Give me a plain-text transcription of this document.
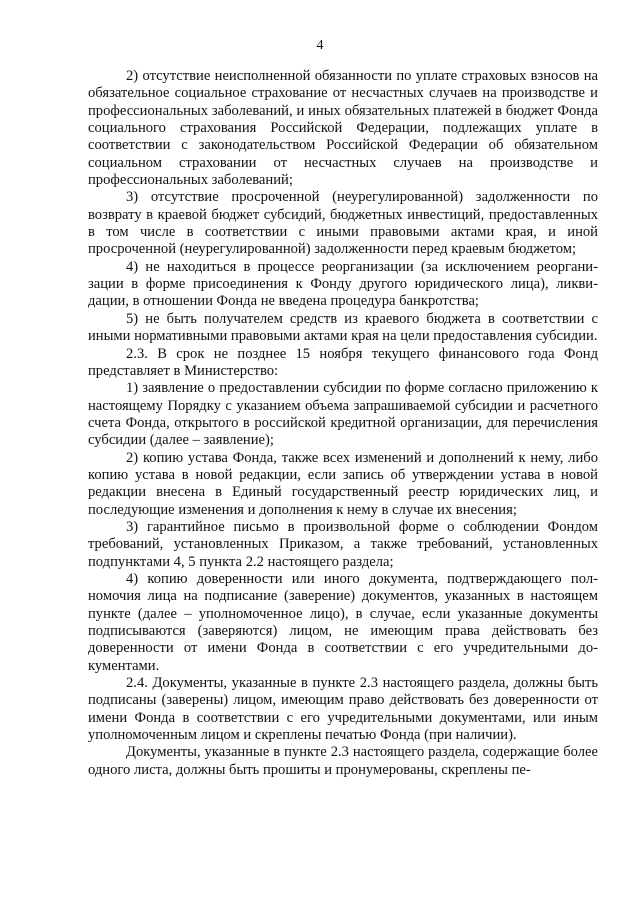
4

2) отсутствие неисполненной обязанности по уплате страховых взносов на обязательное социальное страхование от несчастных случаев на производстве и профессиональных заболеваний, и иных обязательных платежей в бюджет Фонда социального страхования Российской Федерации, подлежащих уплате в соответствии с законодательством Российской Федерации об обязательном социальном страховании от несчастных случаев на производстве и профессиональных заболеваний;

3) отсутствие просроченной (неурегулированной) задолженности по возврату в краевой бюджет субсидий, бюджетных инвестиций, предоставленных в том числе в соответствии с иными правовыми актами края, и иной просроченной (неурегулированной) задолженности перед краевым бюджетом;

4) не находиться в процессе реорганизации (за исключением реорганизации в форме присоединения к Фонду другого юридического лица), ликвидации, в отношении Фонда не введена процедура банкротства;

5) не быть получателем средств из краевого бюджета в соответствии с иными нормативными правовыми актами края на цели предоставления субсидии.

2.3. В срок не позднее 15 ноября текущего финансового года Фонд представляет в Министерство:

1) заявление о предоставлении субсидии по форме согласно приложению к настоящему Порядку с указанием объема запрашиваемой субсидии и расчетного счета Фонда, открытого в российской кредитной организации, для перечисления субсидии (далее – заявление);

2) копию устава Фонда, также всех изменений и дополнений к нему, либо копию устава в новой редакции, если запись об утверждении устава в новой редакции внесена в Единый государственный реестр юридических лиц, и последующие изменения и дополнения к нему в случае их внесения;

3) гарантийное письмо в произвольной форме о соблюдении Фондом требований, установленных Приказом, а также требований, установленных подпунктами 4, 5 пункта 2.2 настоящего раздела;

4) копию доверенности или иного документа, подтверждающего полномочия лица на подписание (заверение) документов, указанных в настоящем пункте (далее – уполномоченное лицо), в случае, если указанные документы подписываются (заверяются) лицом, не имеющим права действовать без доверенности от имени Фонда в соответствии с его учредительными документами.

2.4. Документы, указанные в пункте 2.3 настоящего раздела, должны быть подписаны (заверены) лицом, имеющим право действовать без доверенности от имени Фонда в соответствии с его учредительными документами, или иным уполномоченным лицом и скреплены печатью Фонда (при наличии).

Документы, указанные в пункте 2.3 настоящего раздела, содержащие более одного листа, должны быть прошиты и пронумерованы, скреплены пе-
